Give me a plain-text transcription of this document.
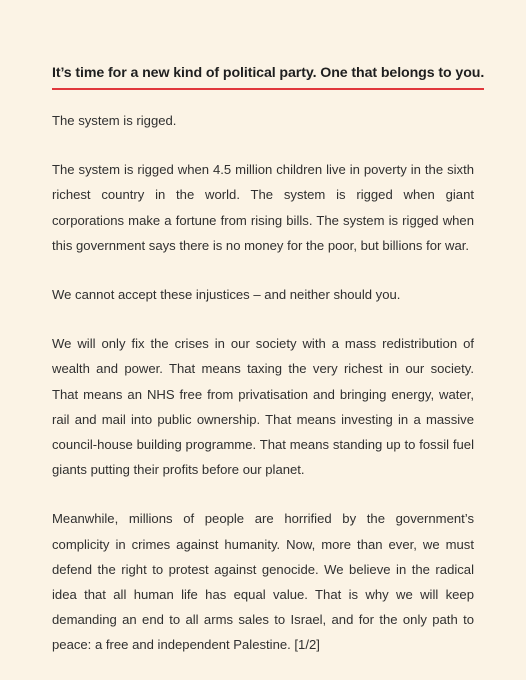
It’s time for a new kind of political party. One that belongs to you.

The system is rigged.

The system is rigged when 4.5 million children live in poverty in the sixth richest country in the world. The system is rigged when giant corporations make a fortune from rising bills. The system is rigged when this government says there is no money for the poor, but billions for war.

We cannot accept these injustices – and neither should you.

We will only fix the crises in our society with a mass redistribution of wealth and power. That means taxing the very richest in our society. That means an NHS free from privatisation and bringing energy, water, rail and mail into public ownership. That means investing in a massive council-house building programme. That means standing up to fossil fuel giants putting their profits before our planet.

Meanwhile, millions of people are horrified by the government’s complicity in crimes against humanity. Now, more than ever, we must defend the right to protest against genocide. We believe in the radical idea that all human life has equal value. That is why we will keep demanding an end to all arms sales to Israel, and for the only path to peace: a free and independent Palestine. [1/2]
